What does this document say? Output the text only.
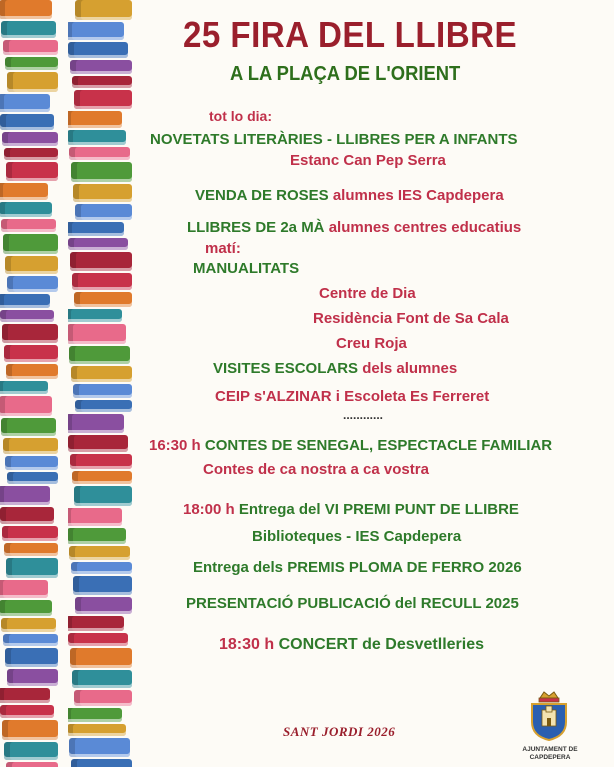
25 FIRA DEL LLIBRE
A LA PLAÇA DE L'ORIENT
tot lo dia:
NOVETATS LITERÀRIES - LLIBRES PER A INFANTS
Estanc Can Pep Serra
VENDA DE ROSES alumnes IES Capdepera
LLIBRES DE 2a MÀ alumnes centres educatius
matí:
MANUALITATS
Centre de Dia
Residència Font de Sa Cala
Creu Roja
VISITES ESCOLARS dels alumnes
CEIP s'ALZINAR i Escoleta Es Ferreret
............
16:30 h CONTES DE SENEGAL, ESPECTACLE FAMILIAR
Contes de ca nostra a ca vostra
18:00 h Entrega del VI PREMI PUNT DE LLIBRE
Biblioteques - IES Capdepera
Entrega dels PREMIS PLOMA DE FERRO 2026
PRESENTACIÓ PUBLICACIÓ del RECULL 2025
18:30 h CONCERT de Desvetlleries
SANT JORDI 2026
AJUNTAMENT DE CAPDEPERA
